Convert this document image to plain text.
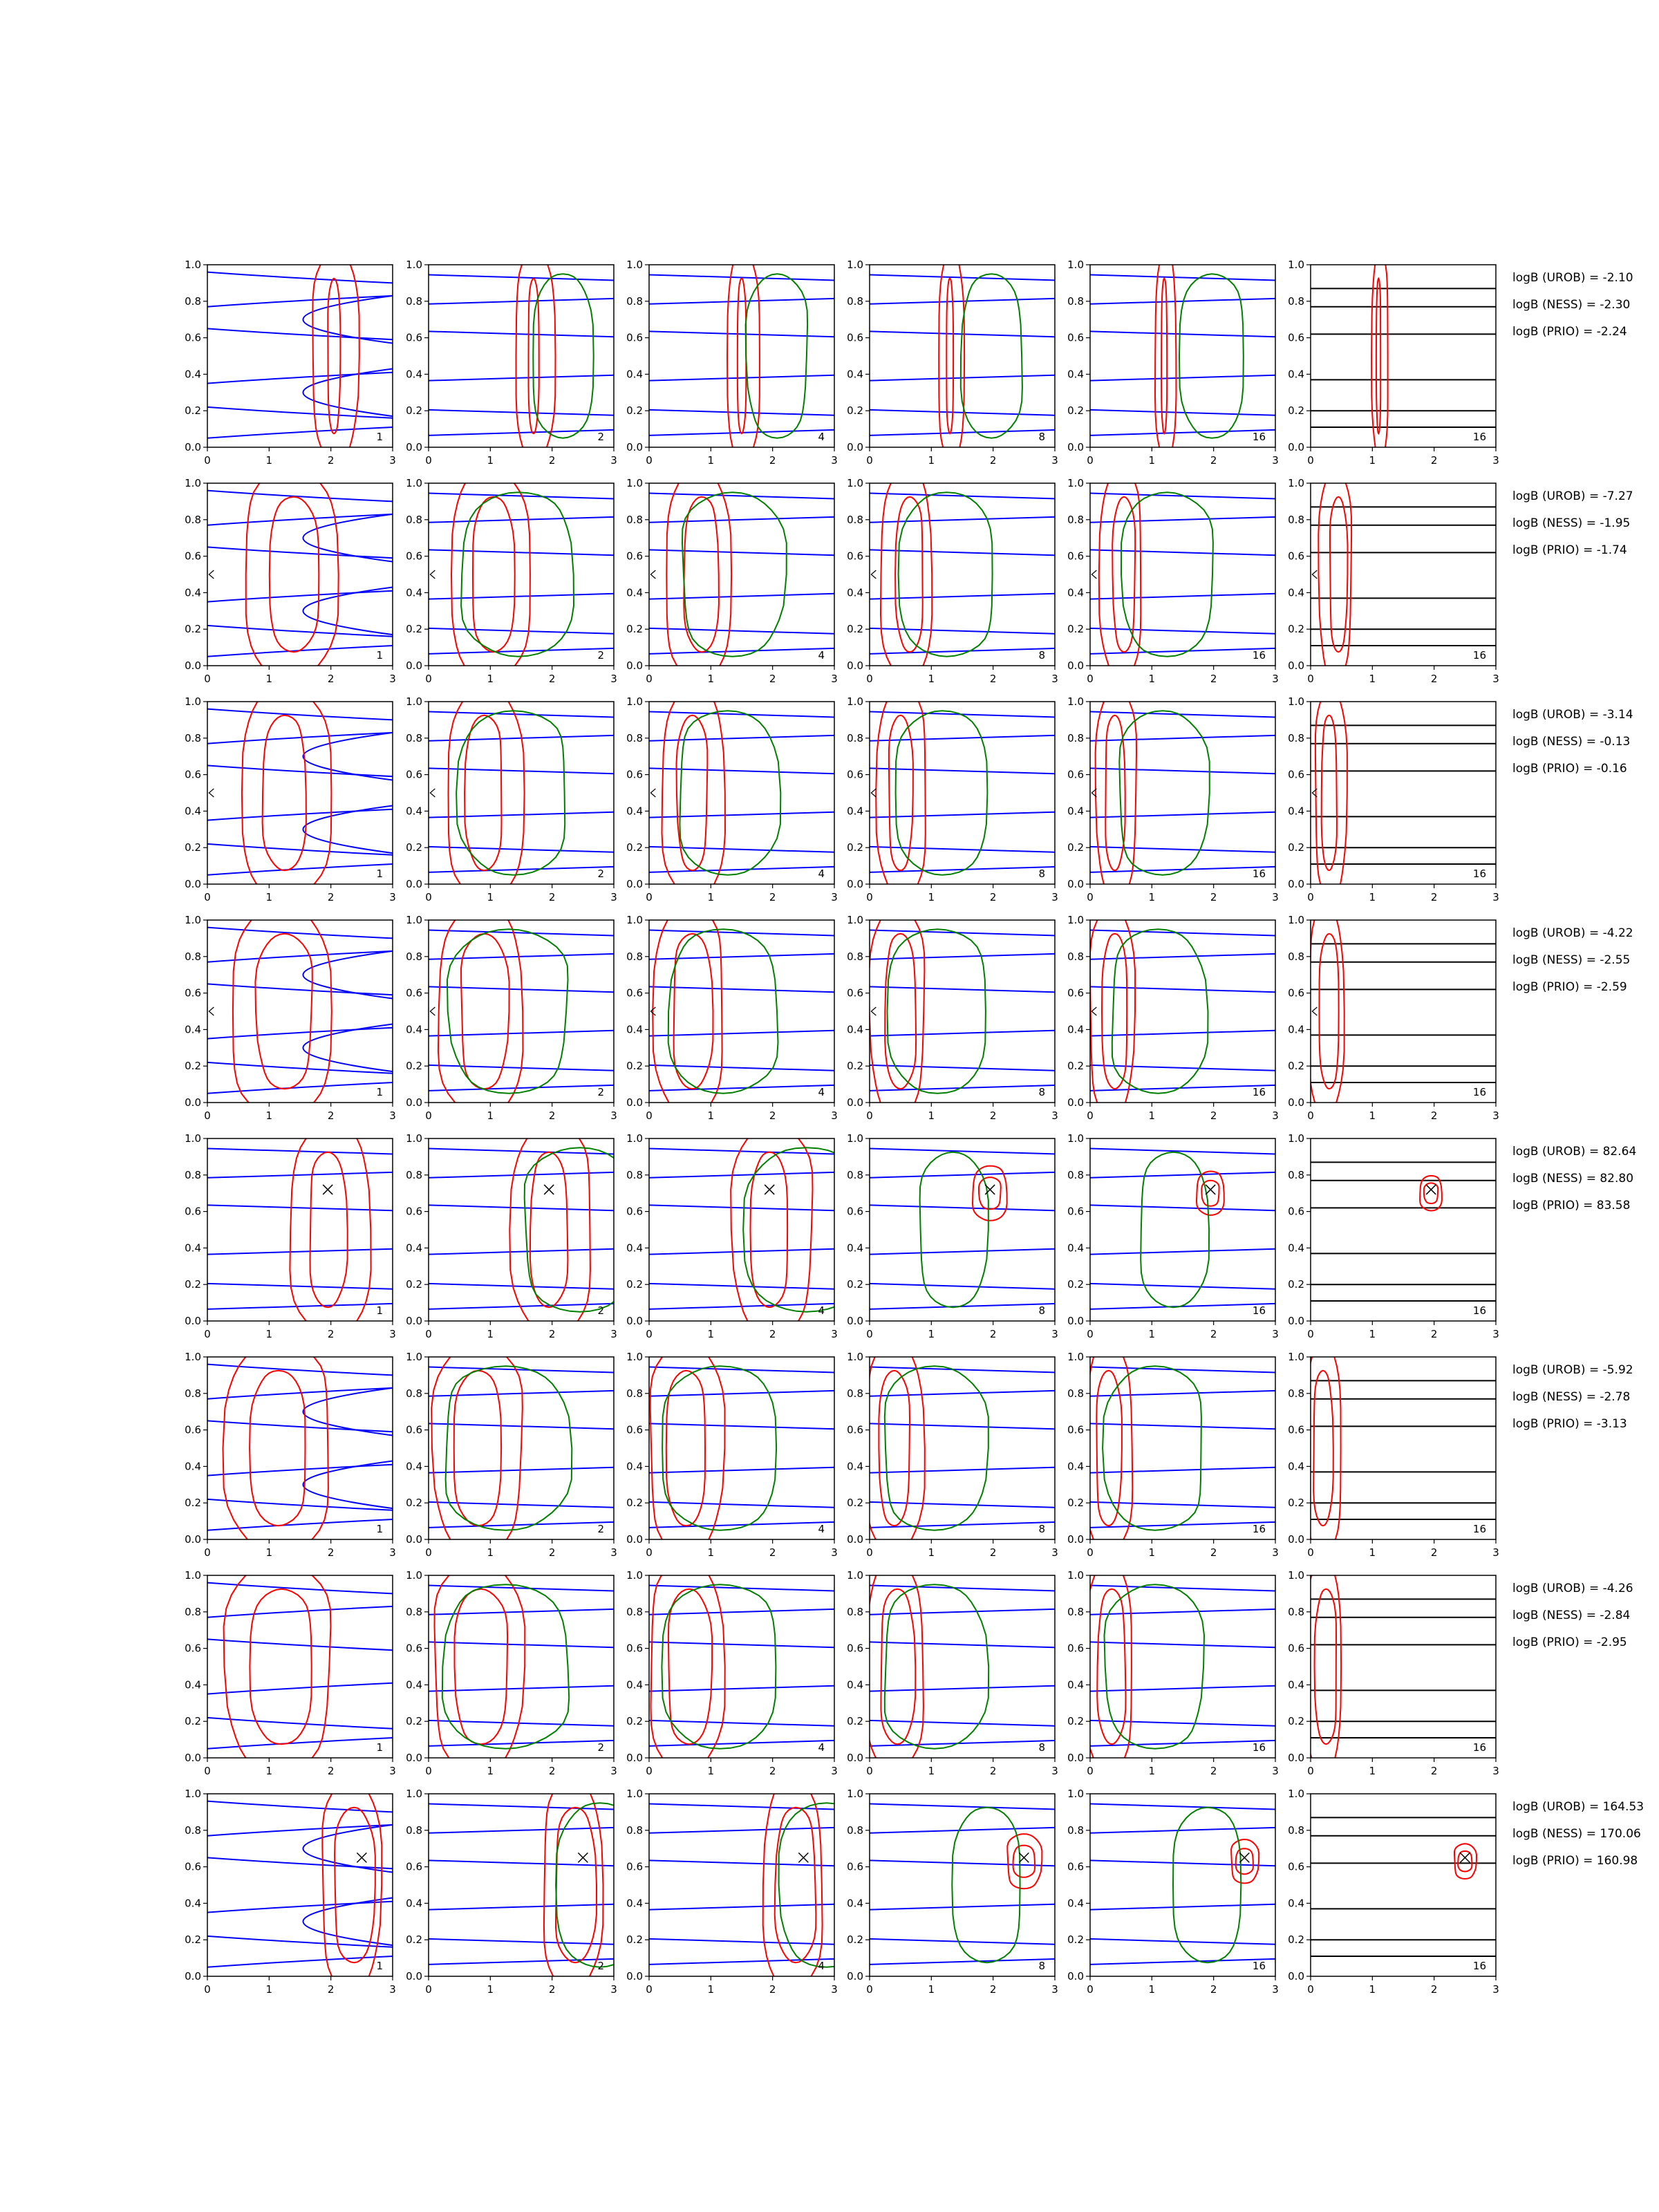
0.0
0.2
0.4
0.6
0.8
1.0
0	1	2	3
1
0.0
0.2
0.4
0.6
0.8
1.0
0	1	2	3
2
0.0
0.2
0.4
0.6
0.8
1.0
0	1	2	3
4
0.0
0.2
0.4
0.6
0.8
1.0
0	1	2	3
8
0.0
0.2
0.4
0.6
0.8
1.0
0	1	2	3
16
0.0
0.2
0.4
0.6
0.8
1.0
0	1	2	3
16
logB (UROB) = -2.10
logB (NESS) = -2.30
logB (PRIO) = -2.24
0.0
0.2
0.4
0.6
0.8
1.0
0	1	2	3
1
0.0
0.2
0.4
0.6
0.8
1.0
0	1	2	3
2
0.0
0.2
0.4
0.6
0.8
1.0
0	1	2	3
4
0.0
0.2
0.4
0.6
0.8
1.0
0	1	2	3
8
0.0
0.2
0.4
0.6
0.8
1.0
0	1	2	3
16
0.0
0.2
0.4
0.6
0.8
1.0
0	1	2	3
16
logB (UROB) = -7.27
logB (NESS) = -1.95
logB (PRIO) = -1.74
0.0
0.2
0.4
0.6
0.8
1.0
0	1	2	3
1
0.0
0.2
0.4
0.6
0.8
1.0
0	1	2	3
2
0.0
0.2
0.4
0.6
0.8
1.0
0	1	2	3
4
0.0
0.2
0.4
0.6
0.8
1.0
0	1	2	3
8
0.0
0.2
0.4
0.6
0.8
1.0
0	1	2	3
16
0.0
0.2
0.4
0.6
0.8
1.0
0	1	2	3
16
logB (UROB) = -3.14
logB (NESS) = -0.13
logB (PRIO) = -0.16
0.0
0.2
0.4
0.6
0.8
1.0
0	1	2	3
1
0.0
0.2
0.4
0.6
0.8
1.0
0	1	2	3
2
0.0
0.2
0.4
0.6
0.8
1.0
0	1	2	3
4
0.0
0.2
0.4
0.6
0.8
1.0
0	1	2	3
8
0.0
0.2
0.4
0.6
0.8
1.0
0	1	2	3
16
0.0
0.2
0.4
0.6
0.8
1.0
0	1	2	3
16
logB (UROB) = -4.22
logB (NESS) = -2.55
logB (PRIO) = -2.59
0.0
0.2
0.4
0.6
0.8
1.0
0	1	2	3
1
0.0
0.2
0.4
0.6
0.8
1.0
0	1	2	3
2
0.0
0.2
0.4
0.6
0.8
1.0
0	1	2	3
4
0.0
0.2
0.4
0.6
0.8
1.0
0	1	2	3
8
0.0
0.2
0.4
0.6
0.8
1.0
0	1	2	3
16
0.0
0.2
0.4
0.6
0.8
1.0
0	1	2	3
16
logB (UROB) = 82.64
logB (NESS) = 82.80
logB (PRIO) = 83.58
0.0
0.2
0.4
0.6
0.8
1.0
0	1	2	3
1
0.0
0.2
0.4
0.6
0.8
1.0
0	1	2	3
2
0.0
0.2
0.4
0.6
0.8
1.0
0	1	2	3
4
0.0
0.2
0.4
0.6
0.8
1.0
0	1	2	3
8
0.0
0.2
0.4
0.6
0.8
1.0
0	1	2	3
16
0.0
0.2
0.4
0.6
0.8
1.0
0	1	2	3
16
logB (UROB) = -5.92
logB (NESS) = -2.78
logB (PRIO) = -3.13
0.0
0.2
0.4
0.6
0.8
1.0
0	1	2	3
1
0.0
0.2
0.4
0.6
0.8
1.0
0	1	2	3
2
0.0
0.2
0.4
0.6
0.8
1.0
0	1	2	3
4
0.0
0.2
0.4
0.6
0.8
1.0
0	1	2	3
8
0.0
0.2
0.4
0.6
0.8
1.0
0	1	2	3
16
0.0
0.2
0.4
0.6
0.8
1.0
0	1	2	3
16
logB (UROB) = -4.26
logB (NESS) = -2.84
logB (PRIO) = -2.95
0.0
0.2
0.4
0.6
0.8
1.0
0	1	2	3
1
0.0
0.2
0.4
0.6
0.8
1.0
0	1	2	3
2
0.0
0.2
0.4
0.6
0.8
1.0
0	1	2	3
4
0.0
0.2
0.4
0.6
0.8
1.0
0	1	2	3
8
0.0
0.2
0.4
0.6
0.8
1.0
0	1	2	3
16
0.0
0.2
0.4
0.6
0.8
1.0
0	1	2	3
16
logB (UROB) = 164.53
logB (NESS) = 170.06
logB (PRIO) = 160.98
